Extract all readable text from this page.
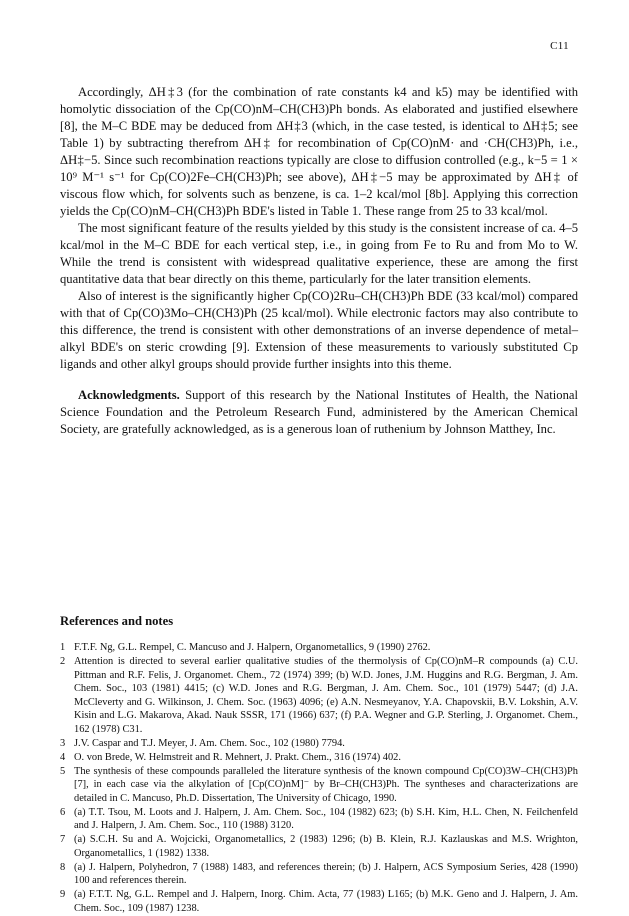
C11

Accordingly, ΔH‡3 (for the combination of rate constants k4 and k5) may be identified with homolytic dissociation of the Cp(CO)nM–CH(CH3)Ph bonds. As elaborated and justified elsewhere [8], the M–C BDE may be deduced from ΔH‡3 (which, in the case tested, is identical to ΔH‡5; see Table 1) by subtracting therefrom ΔH‡ for recombination of Cp(CO)nM· and ·CH(CH3)Ph, i.e., ΔH‡−5. Since such recombination reactions typically are close to diffusion controlled (e.g., k−5 = 1 × 10⁹ M⁻¹ s⁻¹ for Cp(CO)2Fe–CH(CH3)Ph; see above), ΔH‡−5 may be approximated by ΔH‡ of viscous flow which, for solvents such as benzene, is ca. 1–2 kcal/mol [8b]. Applying this correction yields the Cp(CO)nM–CH(CH3)Ph BDE's listed in Table 1. These range from 25 to 33 kcal/mol.

The most significant feature of the results yielded by this study is the consistent increase of ca. 4–5 kcal/mol in the M–C BDE for each vertical step, i.e., in going from Fe to Ru and from Mo to W. While the trend is consistent with widespread qualitative experience, these are among the first quantitative data that bear directly on this theme, particularly for the later transition elements.

Also of interest is the significantly higher Cp(CO)2Ru–CH(CH3)Ph BDE (33 kcal/mol) compared with that of Cp(CO)3Mo–CH(CH3)Ph (25 kcal/mol). While electronic factors may also contribute to this difference, the trend is consistent with other demonstrations of an inverse dependence of metal–alkyl BDE's on steric crowding [9]. Extension of these measurements to variously substituted Cp ligands and other alkyl groups should provide further insights into this theme.

Acknowledgments. Support of this research by the National Institutes of Health, the National Science Foundation and the Petroleum Research Fund, administered by the American Chemical Society, are gratefully acknowledged, as is a generous loan of ruthenium by Johnson Matthey, Inc.

References and notes
1 F.T.F. Ng, G.L. Rempel, C. Mancuso and J. Halpern, Organometallics, 9 (1990) 2762.
2 Attention is directed to several earlier qualitative studies of the thermolysis of Cp(CO)nM–R compounds (a) C.U. Pittman and R.F. Felis, J. Organomet. Chem., 72 (1974) 399; (b) W.D. Jones, J.M. Huggins and R.G. Bergman, J. Am. Chem. Soc., 103 (1981) 4415; (c) W.D. Jones and R.G. Bergman, J. Am. Chem. Soc., 101 (1979) 5447; (d) J.A. McCleverty and G. Wilkinson, J. Chem. Soc. (1963) 4096; (e) A.N. Nesmeyanov, Y.A. Chapovskii, B.V. Lokshin, A.V. Kisin and L.G. Makarova, Akad. Nauk SSSR, 171 (1966) 637; (f) P.A. Wegner and G.P. Sterling, J. Organomet. Chem., 162 (1978) C31.
3 J.V. Caspar and T.J. Meyer, J. Am. Chem. Soc., 102 (1980) 7794.
4 O. von Brede, W. Helmstreit and R. Mehnert, J. Prakt. Chem., 316 (1974) 402.
5 The synthesis of these compounds paralleled the literature synthesis of the known compound Cp(CO)3W–CH(CH3)Ph [7], in each case via the alkylation of [Cp(CO)nM]⁻ by Br–CH(CH3)Ph. The syntheses and characterizations are detailed in C. Mancuso, Ph.D. Dissertation, The University of Chicago, 1990.
6 (a) T.T. Tsou, M. Loots and J. Halpern, J. Am. Chem. Soc., 104 (1982) 623; (b) S.H. Kim, H.L. Chen, N. Feilchenfeld and J. Halpern, J. Am. Chem. Soc., 110 (1988) 3120.
7 (a) S.C.H. Su and A. Wojcicki, Organometallics, 2 (1983) 1296; (b) B. Klein, R.J. Kazlauskas and M.S. Wrighton, Organometallics, 1 (1982) 1338.
8 (a) J. Halpern, Polyhedron, 7 (1988) 1483, and references therein; (b) J. Halpern, ACS Symposium Series, 428 (1990) 100 and references therein.
9 (a) F.T.T. Ng, G.L. Rempel and J. Halpern, Inorg. Chim. Acta, 77 (1983) L165; (b) M.K. Geno and J. Halpern, J. Am. Chem. Soc., 109 (1987) 1238.
